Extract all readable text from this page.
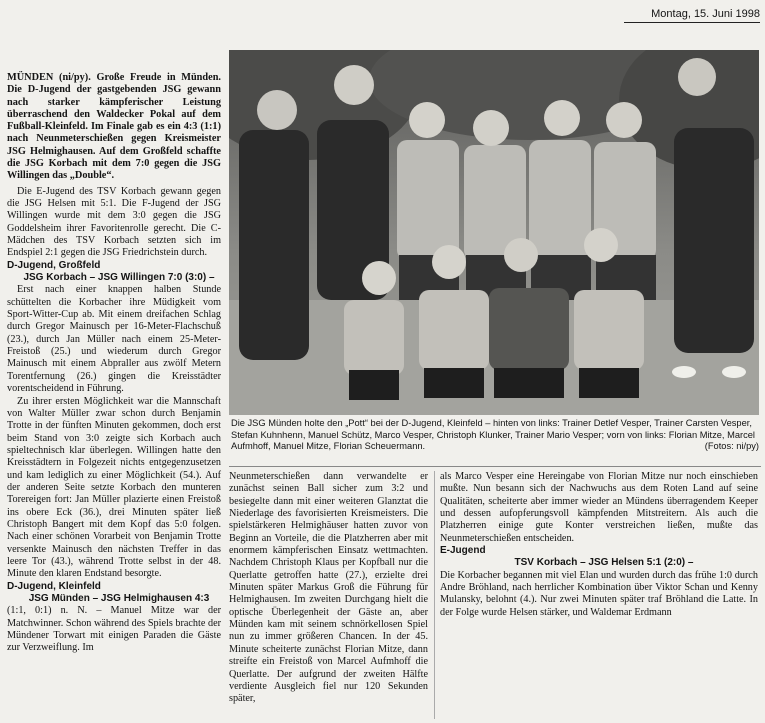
Montag, 15. Juni 1998

MÜNDEN (ni/py). Große Freude in Münden. Die D-Jugend der gastgebenden JSG gewann nach starker kämpferischer Leistung überraschend den Waldecker Pokal auf dem Fußball-Kleinfeld. Im Finale gab es ein 4:3 (1:1) nach Neunmeterschießen gegen Kreismeister JSG Helmighausen. Auf dem Großfeld schaffte die JSG Korbach mit dem 7:0 gegen die JSG Willingen das „Double“.

Die E-Jugend des TSV Korbach gewann gegen die JSG Helsen mit 5:1. Die F-Jugend der JSG Willingen wurde mit dem 3:0 gegen die JSG Goddelsheim ihrer Favoritenrolle gerecht. Die C-Mädchen des TSV Korbach setzten sich im Endspiel 2:1 gegen die JSG Friedrichstein durch.

D-Jugend, Großfeld

JSG Korbach – JSG Willingen 7:0 (3:0) –

Erst nach einer knappen halben Stunde schüttelten die Korbacher ihre Müdigkeit vom Sport-Witter-Cup ab. Mit einem dreifachen Schlag durch Gregor Mainusch per 16-Meter-Flachschuß (23.), durch Jan Müller nach einem 25-Meter-Freistoß (25.) und wiederum durch Gregor Mainusch mit einem Abpraller aus zwölf Metern Torentfernung (26.) gingen die Kreisstädter vorentscheidend in Führung.

Zu ihrer ersten Möglichkeit war die Mannschaft von Walter Müller zwar schon durch Benjamin Trotte in der fünften Minuten gekommen, doch erst beim Stand von 3:0 zeigte sich Korbach auch spieltechnisch klar überlegen. Willingen hatte den Kreisstädtern in Folgezeit nichts entgegenzusetzen und kam lediglich zu einer Möglichkeit (54.). Auf der anderen Seite setzte Korbach den munteren Torereigen fort: Jan Müller plazierte einen Freistoß ins obere Eck (36.), drei Minuten später ließ Christoph Bangert mit dem Kopf das 5:0 folgen. Nach einer schönen Vorarbeit von Benjamin Trotte versenkte Mainusch den nächsten Treffer in das leere Tor (43.), während Trotte selbst in der 48. Minute den klaren Endstand besorgte.

D-Jugend, Kleinfeld

JSG Münden – JSG Helmighausen 4:3

(1:1, 0:1) n. N. – Manuel Mitze war der Matchwinner. Schon während des Spiels brachte der Mündener Torwart mit einigen Paraden die Gäste zur Verzweiflung. Im

Die JSG Münden holte den „Pott“ bei der D-Jugend, Kleinfeld – hinten von links: Trainer Detlef Vesper, Trainer Carsten Vesper, Stefan Kuhnhenn, Manuel Schütz, Marco Vesper, Christoph Klunker, Trainer Mario Vesper; vorn von links: Florian Mitze, Marcel Aufmhoff, Manuel Mitze, Florian Scheuermann.	(Fotos: ni/py)

Neunmeterschießen dann verwandelte er zunächst seinen Ball sicher zum 3:2 und besiegelte dann mit einer weiteren Glanztat die Niederlage des favorisierten Kreismeisters. Die spielstärkeren Helmighäuser hatten zuvor von Beginn an Vorteile, die die Platzherren aber mit enormem kämpferischen Einsatz wettmachten. Nachdem Christoph Klaus per Kopfball nur die Querlatte getroffen hatte (27.), erzielte drei Minuten später Markus Groß die Führung für Helmighausen. Im zweiten Durchgang hielt die optische Überlegenheit der Gäste an, aber Münden kam mit seinem schnörkellosen Spiel nun zu immer größeren Chancen. In der 45. Minute scheiterte zunächst Florian Mitze, dann streifte ein Freistoß von Marcel Aufmhoff die Querlatte. Der aufgrund der zweiten Hälfte verdiente Ausgleich fiel nur 120 Sekunden später,

als Marco Vesper eine Hereingabe von Florian Mitze nur noch einschieben mußte. Nun besann sich der Nachwuchs aus dem Roten Land auf seine Qualitäten, scheiterte aber immer wieder an Mündens überragendem Keeper und dessen aufopferungsvoll kämpfenden Mitstreitern. Als auch die Platzherren einige gute Konter verstreichen ließen, mußte das Neunmeterschießen entscheiden.

E-Jugend

TSV Korbach – JSG Helsen 5:1 (2:0) –

Die Korbacher begannen mit viel Elan und wurden durch das frühe 1:0 durch Andre Bröhland, nach herrlicher Kombination über Viktor Schan und Kenny Mulansky, belohnt (4.). Nur zwei Minuten später traf Bröhland die Latte. In der Folge wurde Helsen stärker, und Waldemar Erdmann
